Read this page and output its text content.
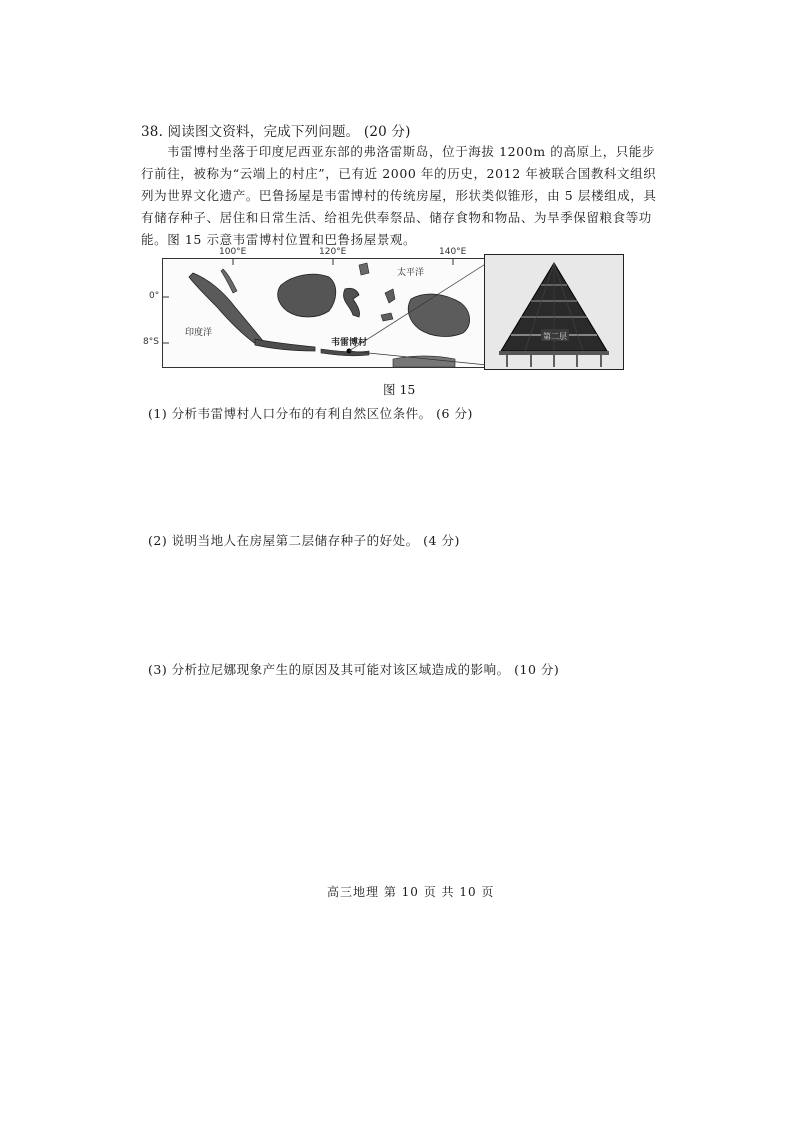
38. 阅读图文资料，完成下列问题。 (20 分)

韦雷博村坐落于印度尼西亚东部的弗洛雷斯岛，位于海拔 1200m 的高原上，只能步行前往，被称为“云端上的村庄”，已有近 2000 年的历史，2012 年被联合国教科文组织列为世界文化遗产。巴鲁扬屋是韦雷博村的传统房屋，形状类似锥形，由 5 层楼组成，具有储存种子、居住和日常生活、给祖先供奉祭品、储存食物和物品、为旱季保留粮食等功能。图 15 示意韦雷博村位置和巴鲁扬屋景观。

100°E	120°E	140°E
0°
8°S
太平洋
印度洋
韦雷博村
第二层
图 15
(1) 分析韦雷博村人口分布的有利自然区位条件。 (6 分)
(2) 说明当地人在房屋第二层储存种子的好处。 (4 分)
(3) 分析拉尼娜现象产生的原因及其可能对该区域造成的影响。 (10 分)
高三地理 第 10 页 共 10 页
